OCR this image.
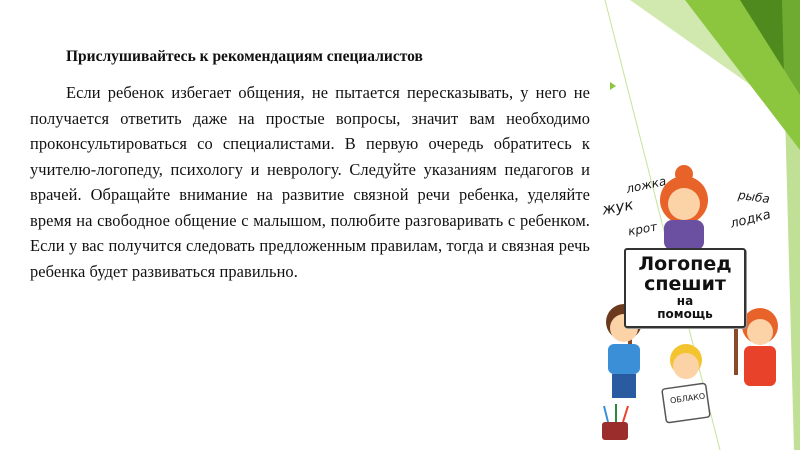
Прислушивайтесь к рекомендациям специалистов

Если ребенок избегает общения, не пытается пересказывать, у него не получается ответить даже на простые вопросы, значит вам необходимо проконсультироваться со специалистами. В первую очередь обратитесь к учителю-логопеду, психологу и неврологу. Следуйте указаниям педагогов и врачей. Обращайте внимание на развитие связной речи ребенка, уделяйте время на свободное общение с малышом, полюбите разговаривать с ребенком. Если у вас получится следовать предложенным правилам, тогда и связная речь ребенка будет развиваться правильно.

ложка
жук
крот
рыба
лодка
Логопед
спешит
на
помощь
ОБЛАКО
